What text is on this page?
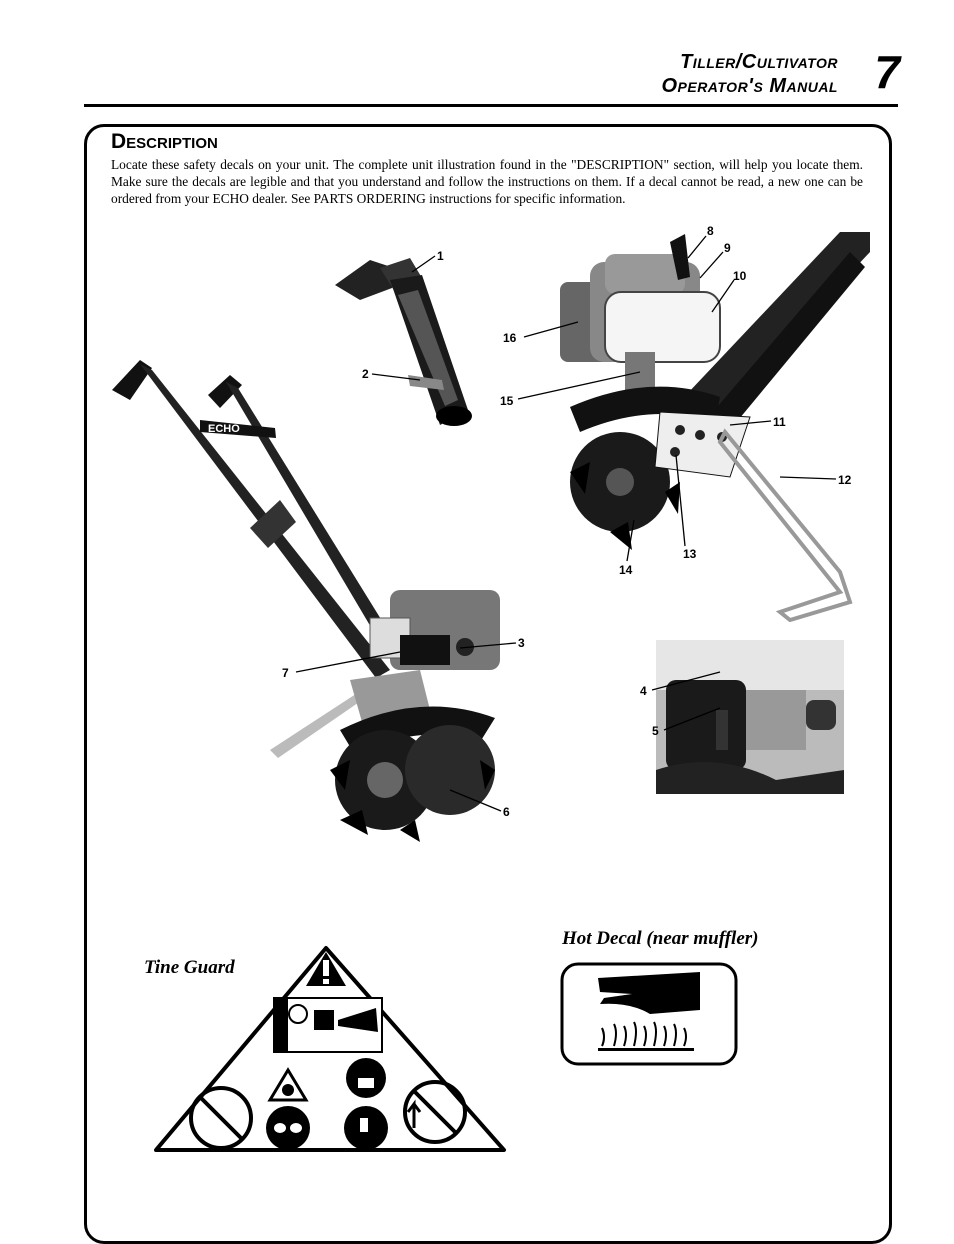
Tiller/Cultivator
Operator's Manual 7
Description

Locate these safety decals on your unit. The complete unit illustration found in the "DESCRIPTION" section, will help you locate them. Make sure the decals are legible and that you understand and follow the instructions on them. If a decal cannot be read, a new one can be ordered from your ECHO dealer. See PARTS ORDERING instructions for specific information.

ECHO
1
2
3
4
5
6
7
8
9
10
11
12
13
14
15
16
Tine Guard
Hot Decal (near muffler)
